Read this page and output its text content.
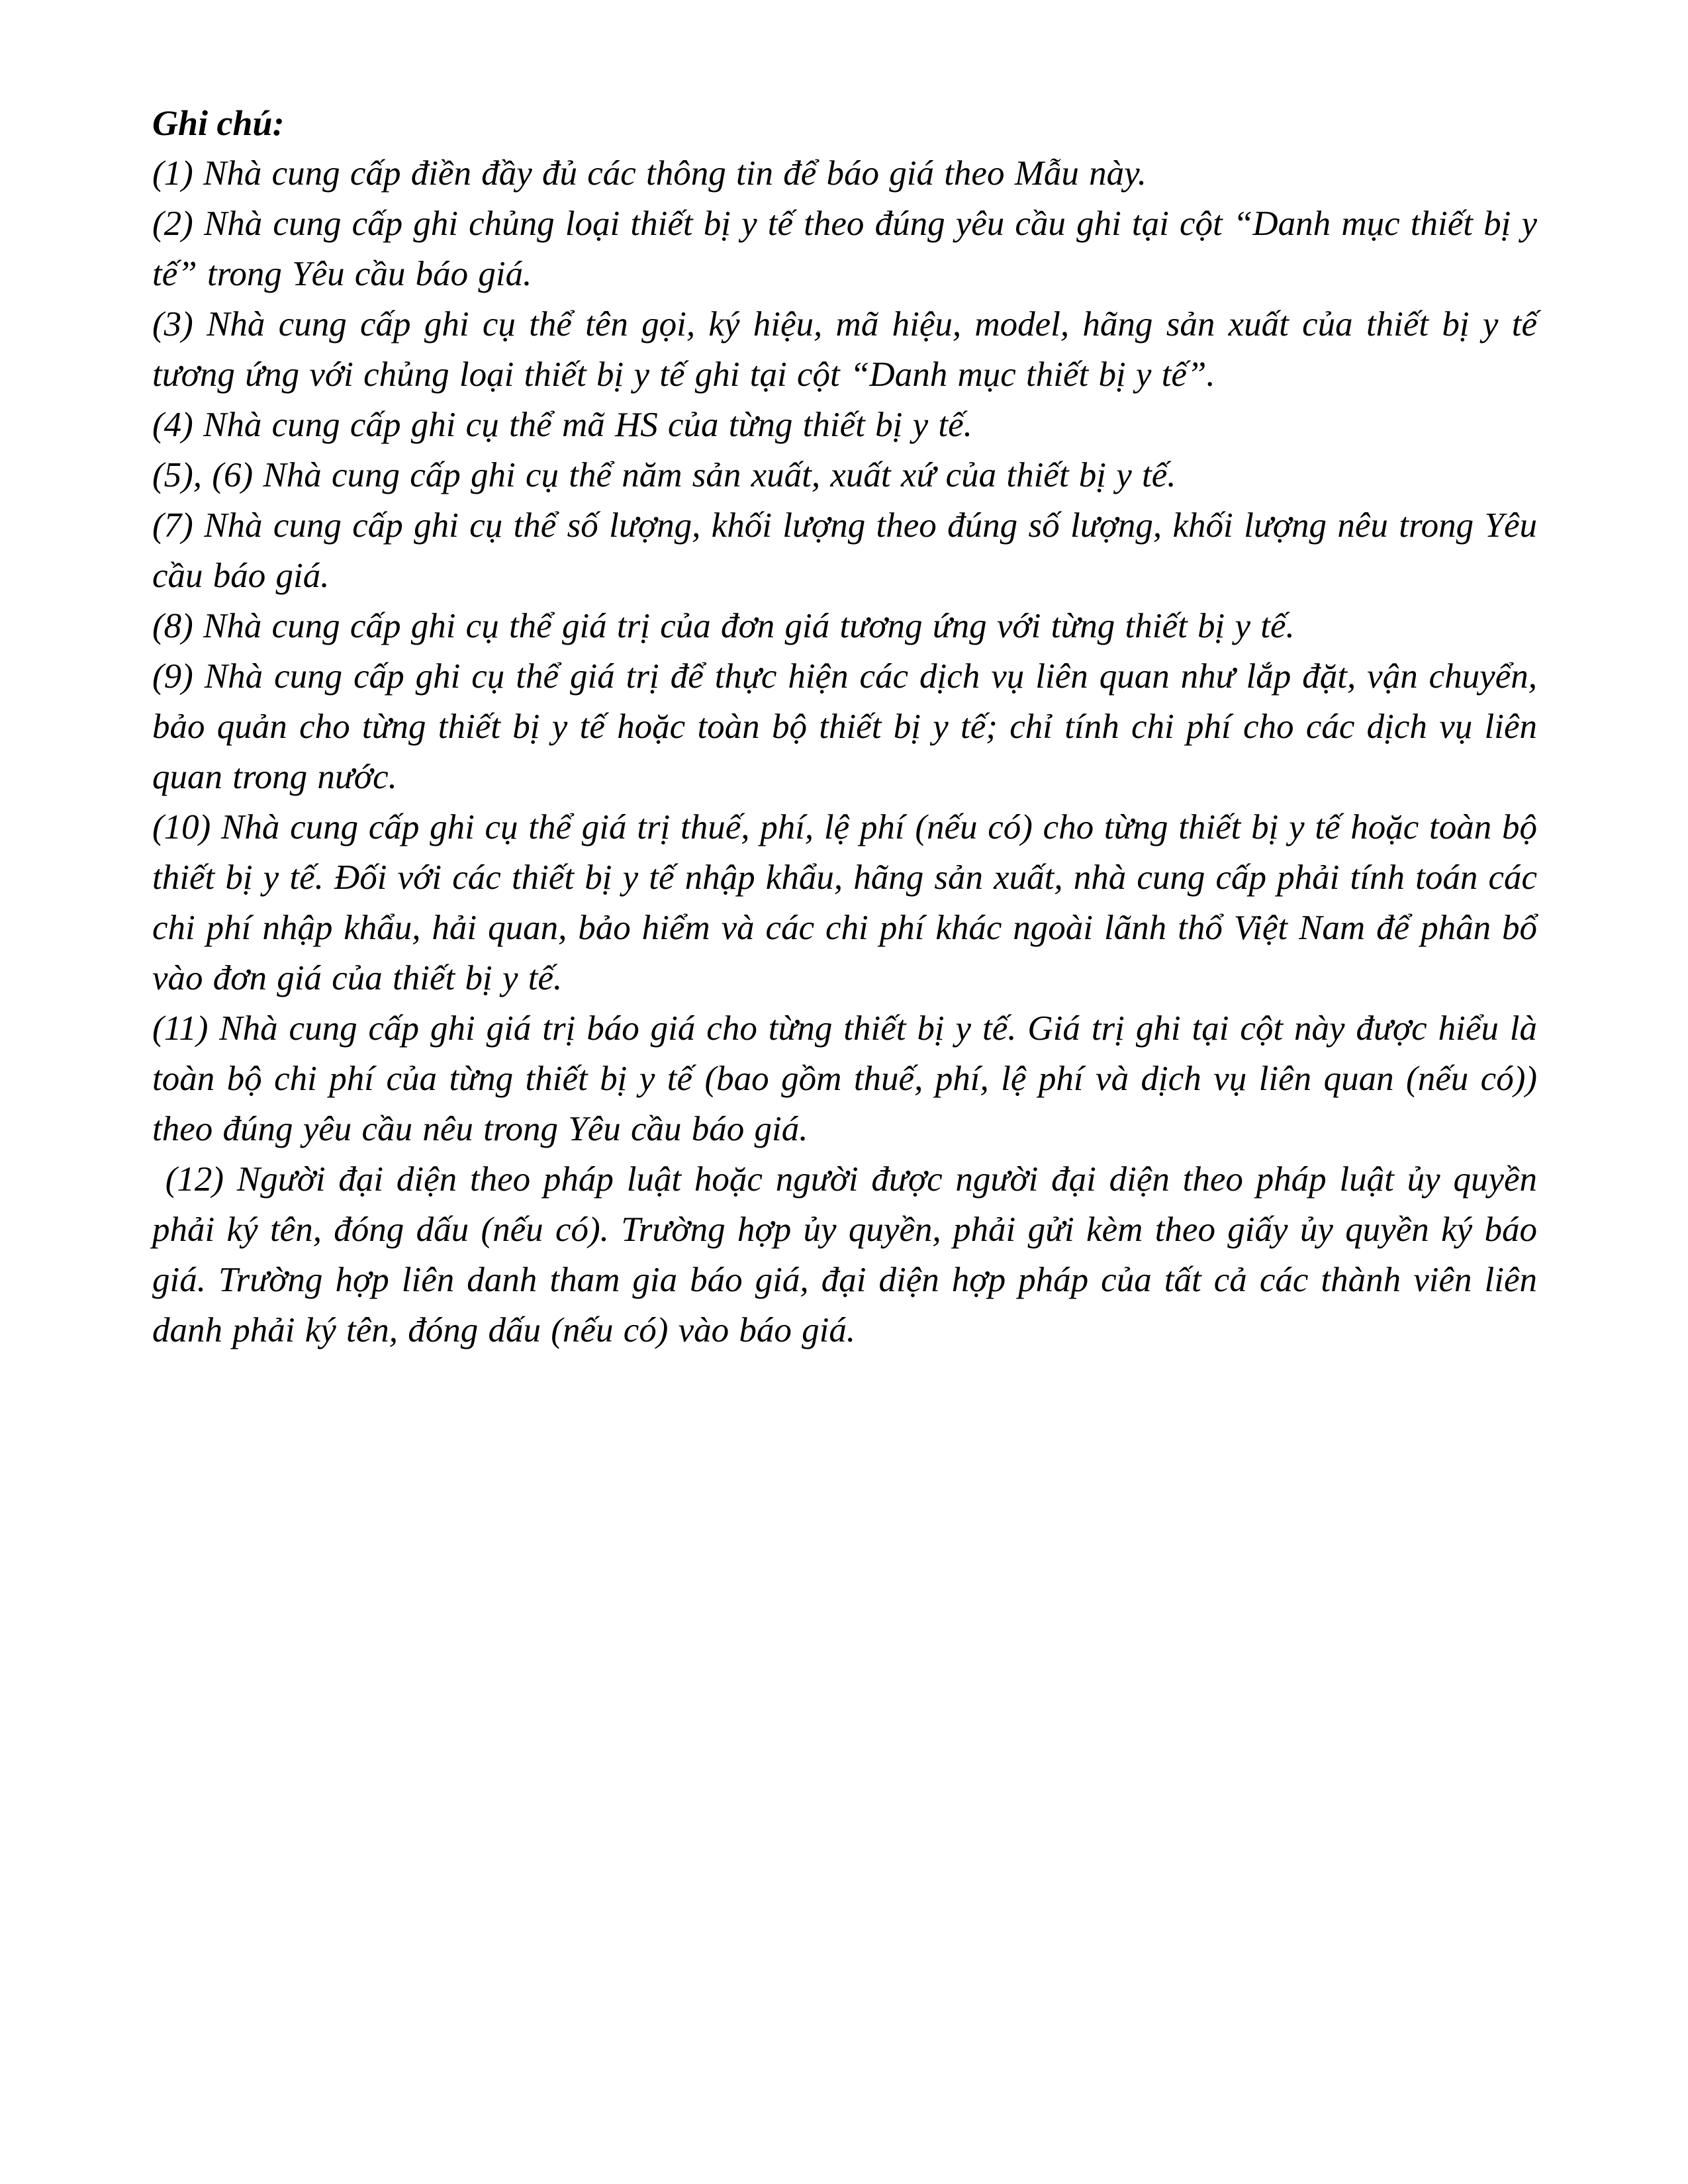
Ghi chú:

(1) Nhà cung cấp điền đầy đủ các thông tin để báo giá theo Mẫu này.

(2) Nhà cung cấp ghi chủng loại thiết bị y tế theo đúng yêu cầu ghi tại cột “Danh mục thiết bị y tế” trong Yêu cầu báo giá.

(3) Nhà cung cấp ghi cụ thể tên gọi, ký hiệu, mã hiệu, model, hãng sản xuất của thiết bị y tế tương ứng với chủng loại thiết bị y tế ghi tại cột “Danh mục thiết bị y tế”.

(4) Nhà cung cấp ghi cụ thể mã HS của từng thiết bị y tế.

(5), (6) Nhà cung cấp ghi cụ thể năm sản xuất, xuất xứ của thiết bị y tế.

(7) Nhà cung cấp ghi cụ thể số lượng, khối lượng theo đúng số lượng, khối lượng nêu trong Yêu cầu báo giá.

(8) Nhà cung cấp ghi cụ thể giá trị của đơn giá tương ứng với từng thiết bị y tế.

(9) Nhà cung cấp ghi cụ thể giá trị để thực hiện các dịch vụ liên quan như lắp đặt, vận chuyển, bảo quản cho từng thiết bị y tế hoặc toàn bộ thiết bị y tế; chỉ tính chi phí cho các dịch vụ liên quan trong nước.

(10) Nhà cung cấp ghi cụ thể giá trị thuế, phí, lệ phí (nếu có) cho từng thiết bị y tế hoặc toàn bộ thiết bị y tế. Đối với các thiết bị y tế nhập khẩu, hãng sản xuất, nhà cung cấp phải tính toán các chi phí nhập khẩu, hải quan, bảo hiểm và các chi phí khác ngoài lãnh thổ Việt Nam để phân bổ vào đơn giá của thiết bị y tế.

(11) Nhà cung cấp ghi giá trị báo giá cho từng thiết bị y tế. Giá trị ghi tại cột này được hiểu là toàn bộ chi phí của từng thiết bị y tế (bao gồm thuế, phí, lệ phí và dịch vụ liên quan (nếu có)) theo đúng yêu cầu nêu trong Yêu cầu báo giá.

(12) Người đại diện theo pháp luật hoặc người được người đại diện theo pháp luật ủy quyền phải ký tên, đóng dấu (nếu có). Trường hợp ủy quyền, phải gửi kèm theo giấy ủy quyền ký báo giá. Trường hợp liên danh tham gia báo giá, đại diện hợp pháp của tất cả các thành viên liên danh phải ký tên, đóng dấu (nếu có) vào báo giá.
